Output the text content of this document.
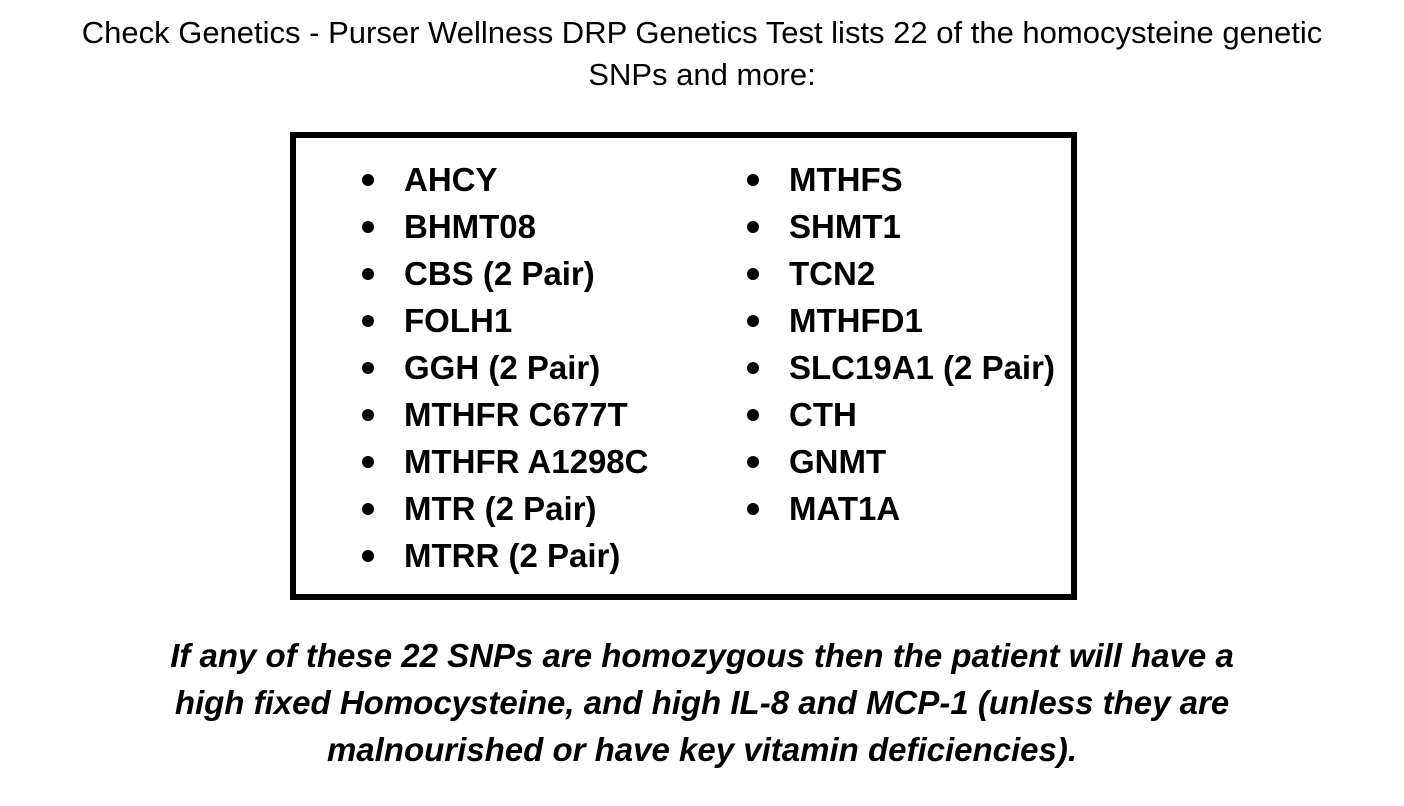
Check Genetics - Purser Wellness DRP Genetics Test lists 22 of the homocysteine genetic
SNPs and more:
AHCY
BHMT08
CBS (2 Pair)
FOLH1
GGH (2 Pair)
MTHFR C677T
MTHFR A1298C
MTR (2 Pair)
MTRR (2 Pair)
MTHFS
SHMT1
TCN2
MTHFD1
SLC19A1 (2 Pair)
CTH
GNMT
MAT1A

If any of these 22 SNPs are homozygous then the patient will have a
high fixed Homocysteine, and high IL-8 and MCP-1 (unless they are
malnourished or have key vitamin deficiencies).
